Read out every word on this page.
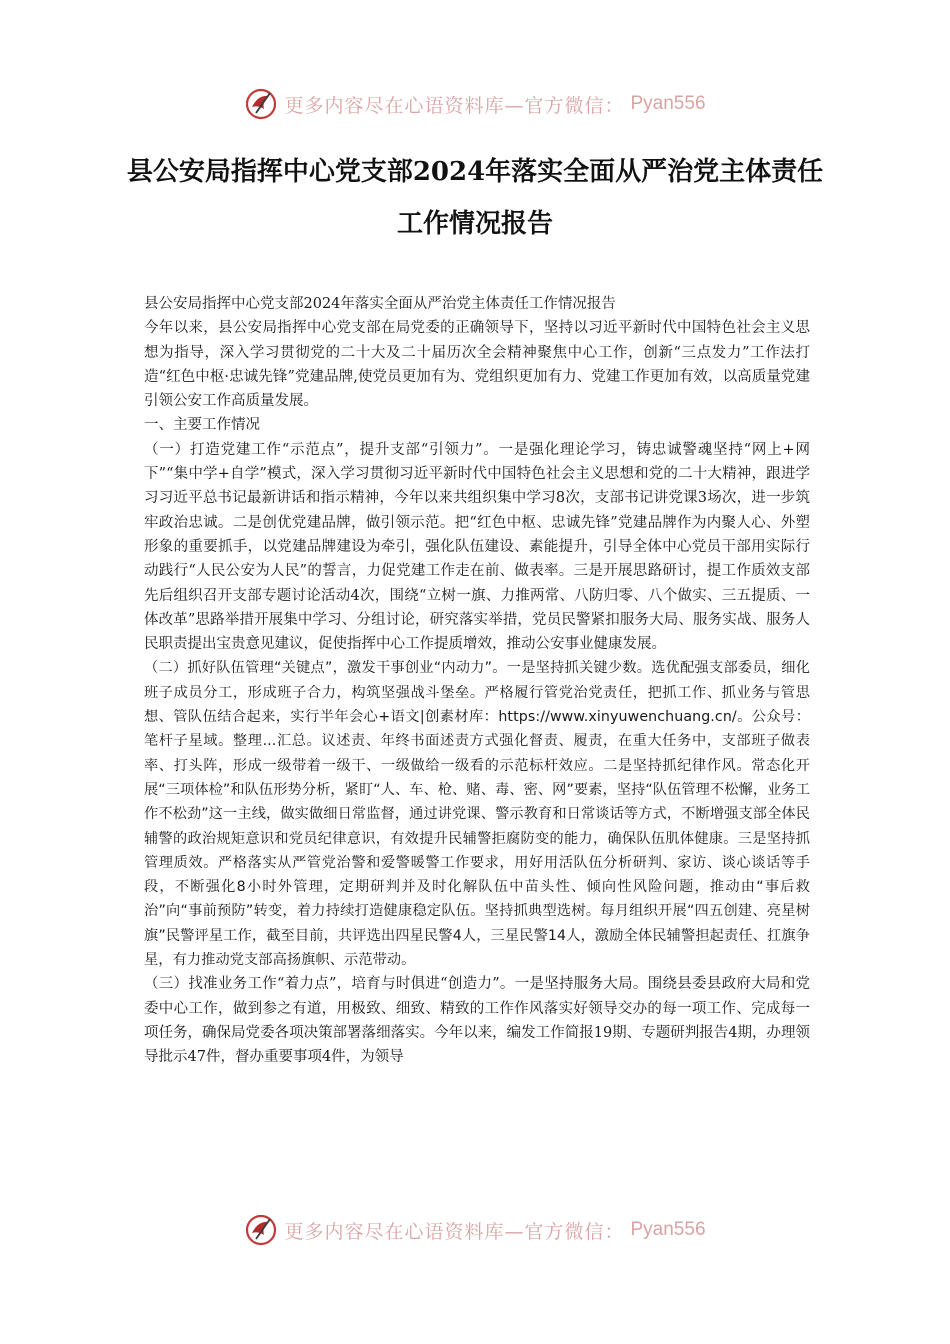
更多内容尽在心语资料库—官方微信： Pyan556
县公安局指挥中心党支部2024年落实全面从严治党主体责任工作情况报告

县公安局指挥中心党支部2024年落实全面从严治党主体责任工作情况报告

今年以来，县公安局指挥中心党支部在局党委的正确领导下，坚持以习近平新时代中国特色社会主义思想为指导，深入学习贯彻党的二十大及二十届历次全会精神聚焦中心工作，创新“三点发力”工作法打造“红色中枢·忠诚先锋”党建品牌,使党员更加有为、党组织更加有力、党建工作更加有效，以高质量党建引领公安工作高质量发展。

一、主要工作情况

（一）打造党建工作“示范点”，提升支部“引领力”。一是强化理论学习，铸忠诚警魂坚持“网上+网下”“集中学+自学”模式，深入学习贯彻习近平新时代中国特色社会主义思想和党的二十大精神，跟进学习习近平总书记最新讲话和指示精神，今年以来共组织集中学习8次，支部书记讲党课3场次，进一步筑牢政治忠诚。二是创优党建品牌，做引领示范。把“红色中枢、忠诚先锋”党建品牌作为内聚人心、外塑形象的重要抓手，以党建品牌建设为牵引，强化队伍建设、素能提升，引导全体中心党员干部用实际行动践行“人民公安为人民”的誓言，力促党建工作走在前、做表率。三是开展思路研讨，提工作质效支部先后组织召开支部专题讨论活动4次，围绕“立树一旗、力推两常、八防归零、八个做实、三五提质、一体改革”思路举措开展集中学习、分组讨论，研究落实举措，党员民警紧扣服务大局、服务实战、服务人民职责提出宝贵意见建议，促使指挥中心工作提质增效，推动公安事业健康发展。

（二）抓好队伍管理“关键点”，激发干事创业“内动力”。一是坚持抓关键少数。选优配强支部委员，细化班子成员分工，形成班子合力，构筑坚强战斗堡垒。严格履行管党治党责任，把抓工作、抓业务与管思想、管队伍结合起来，实行半年会心+语文|创素材库：https://www.xinyuwenchuang.cn/。公众号：笔杆子星域。整理...汇总。议述责、年终书面述责方式强化督责、履责，在重大任务中，支部班子做表率、打头阵，形成一级带着一级干、一级做给一级看的示范标杆效应。二是坚持抓纪律作风。常态化开展“三项体检”和队伍形势分析，紧盯“人、车、枪、赌、毒、密、网”要素，坚持“队伍管理不松懈，业务工作不松劲”这一主线，做实做细日常监督，通过讲党课、警示教育和日常谈话等方式，不断增强支部全体民辅警的政治规矩意识和党员纪律意识，有效提升民辅警拒腐防变的能力，确保队伍肌体健康。三是坚持抓管理质效。严格落实从严管党治警和爱警暖警工作要求，用好用活队伍分析研判、家访、谈心谈话等手段，不断强化8小时外管理，定期研判并及时化解队伍中苗头性、倾向性风险问题，推动由“事后救治”向“事前预防”转变，着力持续打造健康稳定队伍。坚持抓典型选树。每月组织开展“四五创建、亮星树旗”民警评星工作，截至目前，共评选出四星民警4人，三星民警14人，激励全体民辅警担起责任、扛旗争星，有力推动党支部高扬旗帜、示范带动。

（三）找准业务工作“着力点”，培育与时俱进“创造力”。一是坚持服务大局。围绕县委县政府大局和党委中心工作，做到参之有道，用极致、细致、精致的工作作风落实好领导交办的每一项工作、完成每一项任务，确保局党委各项决策部署落细落实。今年以来，编发工作简报19期、专题研判报告4期，办理领导批示47件，督办重要事项4件，为领导

更多内容尽在心语资料库—官方微信： Pyan556
